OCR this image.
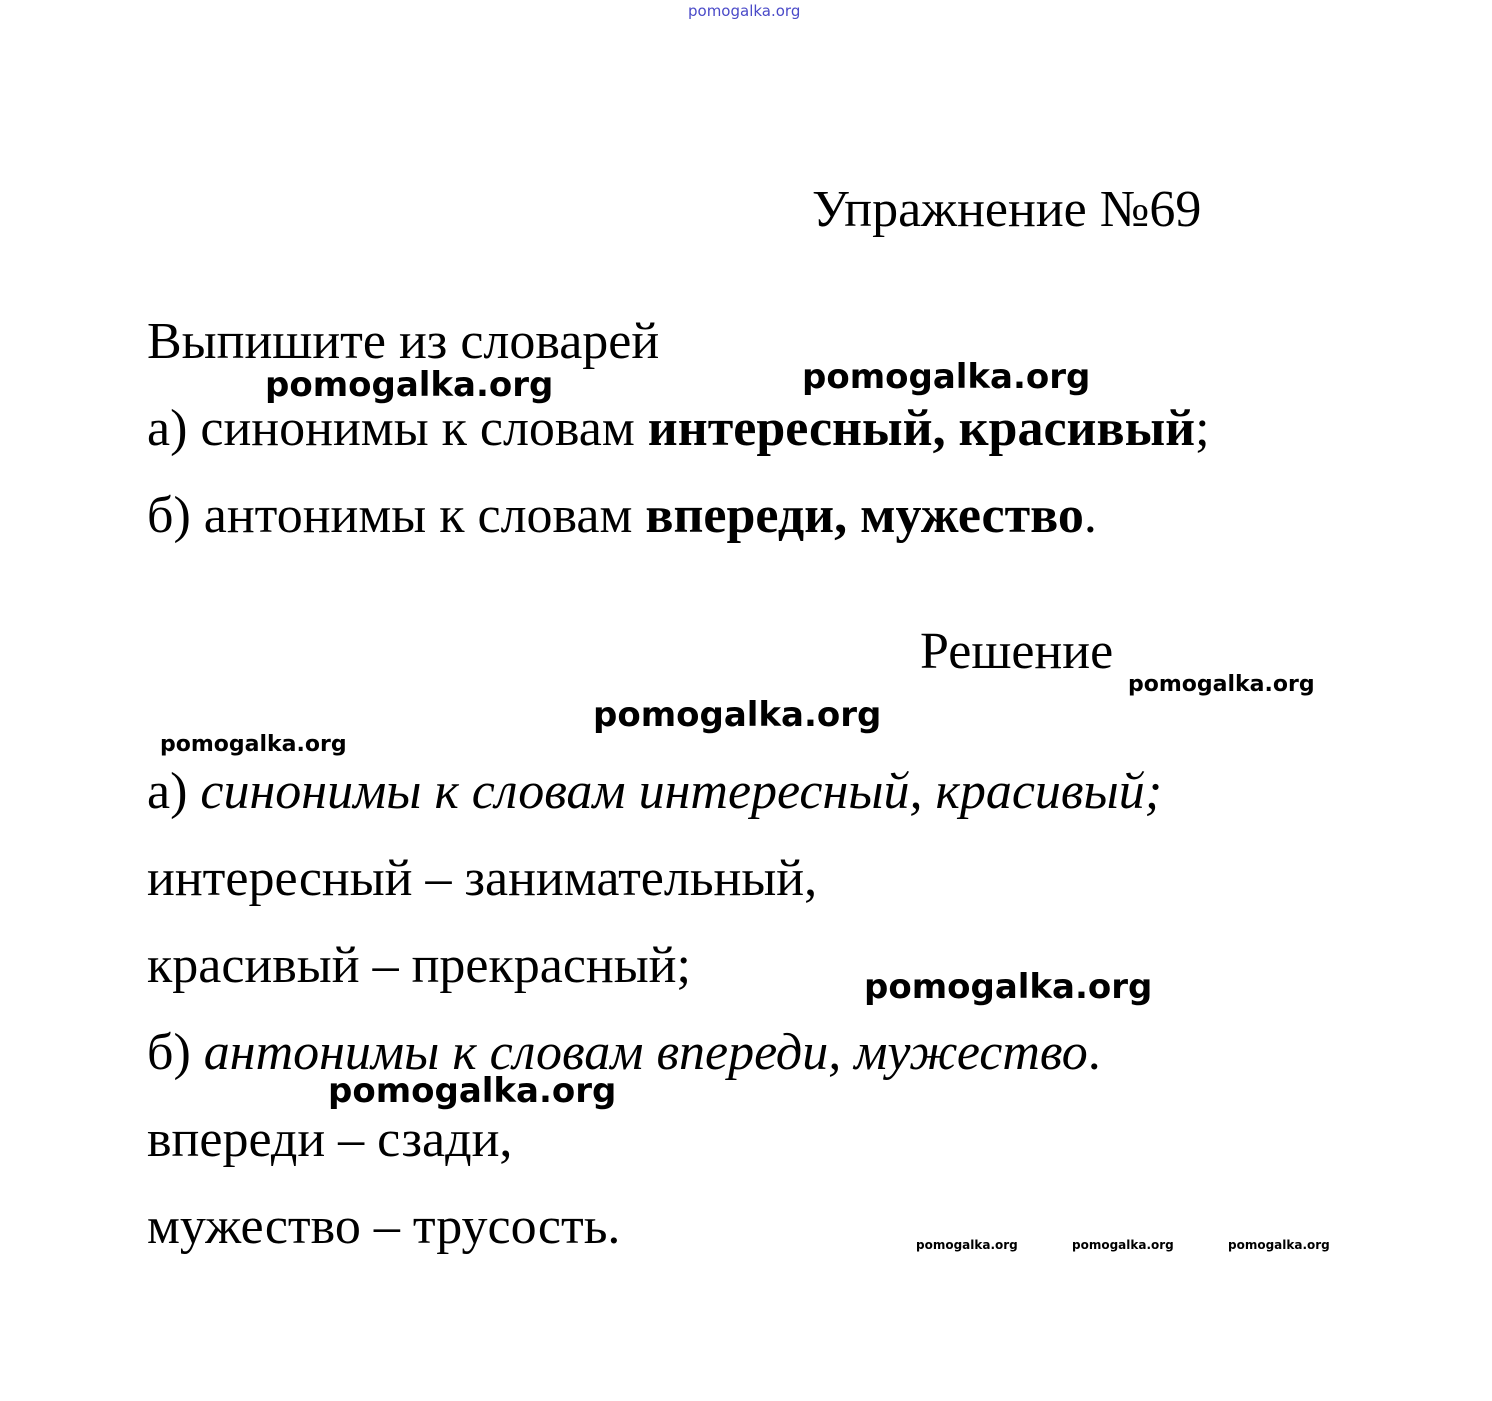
pomogalka.org
Упражнение №69
Выпишите из словарей
а) синонимы к словам интересный, красивый;
б) антонимы к словам впереди, мужество.
Решение
а) синонимы к словам интересный, красивый;
интересный – занимательный,
красивый – прекрасный;
б) антонимы к словам впереди, мужество.
впереди – сзади,
мужество – трусость.
pomogalka.org	pomogalka.org
pomogalka.org
pomogalka.org
pomogalka.org
pomogalka.org
pomogalka.org
pomogalka.org	pomogalka.org	pomogalka.org
